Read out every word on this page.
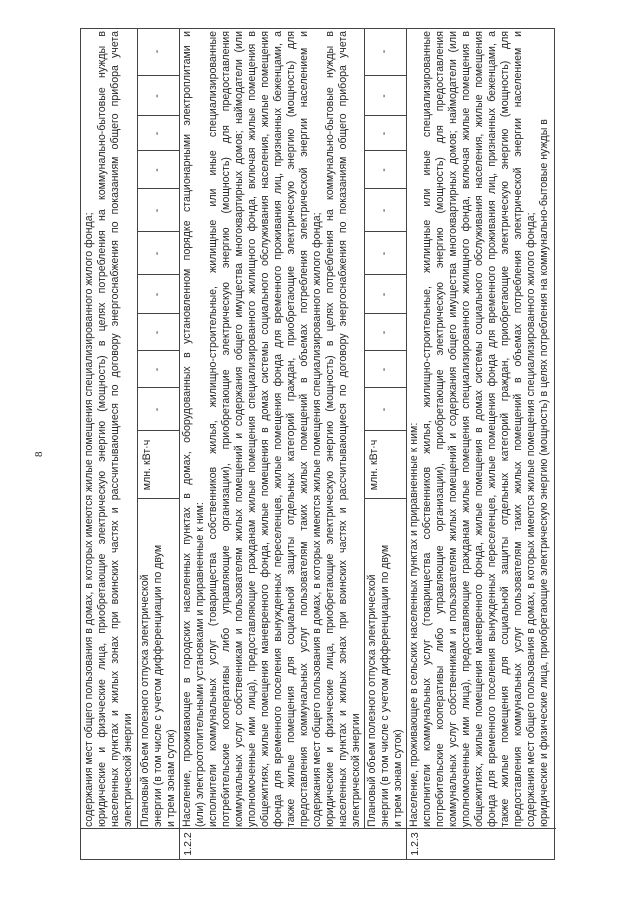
8	содержания мест общего пользования в домах, в которых имеются жилые помещения специализированного жилого фонда; юридические и физические лица, приобретающие электрическую энергию (мощность) в целях потребления на коммунально-бытовые нужды в населенных пунктах и жилых зонах при воинских частях и рассчитывающиеся по договору энергоснабжения по показаниям общего прибора учета электрической энергии Плановый объем полезного отпуска электрической энергии (в том числе с учетом дифференциации по двум и трем зонам суток)
млн. кВт·ч
-
-
-
-
-
-
-
-
-
-
1.2.2
Население, проживающее в городских населенных пунктах в домах, оборудованных в установленном порядке стационарными электроплитами и (или) электроотопительными установками и приравненные к ним: исполнители коммунальных услуг (товарищества собственников жилья, жилищно-строительные, жилищные или иные специализированные потребительские кооперативы либо управляющие организации), приобретающие электрическую энергию (мощность) для предоставления коммунальных услуг собственникам и пользователям жилых помещений и содержания общего имущества многоквартирных домов; наймодатели (или уполномоченные ими лица), предоставляющие гражданам жилые помещения специализированного жилищного фонда, включая жилые помещения в общежитиях, жилые помещения маневренного фонда, жилые помещения в домах системы социального обслуживания населения, жилые помещения фонда для временного поселения вынужденных переселенцев, жилые помещения фонда для временного проживания лиц, признанных беженцами, а также жилые помещения для социальной защиты отдельных категорий граждан, приобретающие электрическую энергию (мощность) для предоставления коммунальных услуг пользователям таких жилых помещений в объемах потребления электрической энергии населением и содержания мест общего пользования в домах, в которых имеются жилые помещения специализированного жилого фонда; юридические и физические лица, приобретающие электрическую энергию (мощность) в целях потребления на коммунально-бытовые нужды в населенных пунктах и жилых зонах при воинских частях и рассчитывающиеся по договору энергоснабжения по показаниям общего прибора учета электрической энергии Плановый объем полезного отпуска электрической энергии (в том числе с учетом дифференциации по двум и трем зонам суток)
млн. кВт·ч
-
-
-
-
-
-
-
-
-
-
1.2.3
Население, проживающее в сельских населенных пунктах и приравненные к ним: исполнители коммунальных услуг (товарищества собственников жилья, жилищно-строительные, жилищные или иные специализированные потребительские кооперативы либо управляющие организации), приобретающие электрическую энергию (мощность) для предоставления коммунальных услуг собственникам и пользователям жилых помещений и содержания общего имущества многоквартирных домов; наймодатели (или уполномоченные ими лица), предоставляющие гражданам жилые помещения специализированного жилищного фонда, включая жилые помещения в общежитиях, жилые помещения маневренного фонда, жилые помещения в домах системы социального обслуживания населения, жилые помещения фонда для временного поселения вынужденных переселенцев, жилые помещения фонда для временного проживания лиц, признанных беженцами, а также жилые помещения для социальной защиты отдельных категорий граждан, приобретающие электрическую энергию (мощность) для предоставления коммунальных услуг пользователям таких жилых помещений в объемах потребления электрической энергии населением и содержания мест общего пользования в домах, в которых имеются жилые помещения специализированного жилого фонда; юридические и физические лица, приобретающие электрическую энергию (мощность) в целях потребления на коммунально-бытовые нужды в
